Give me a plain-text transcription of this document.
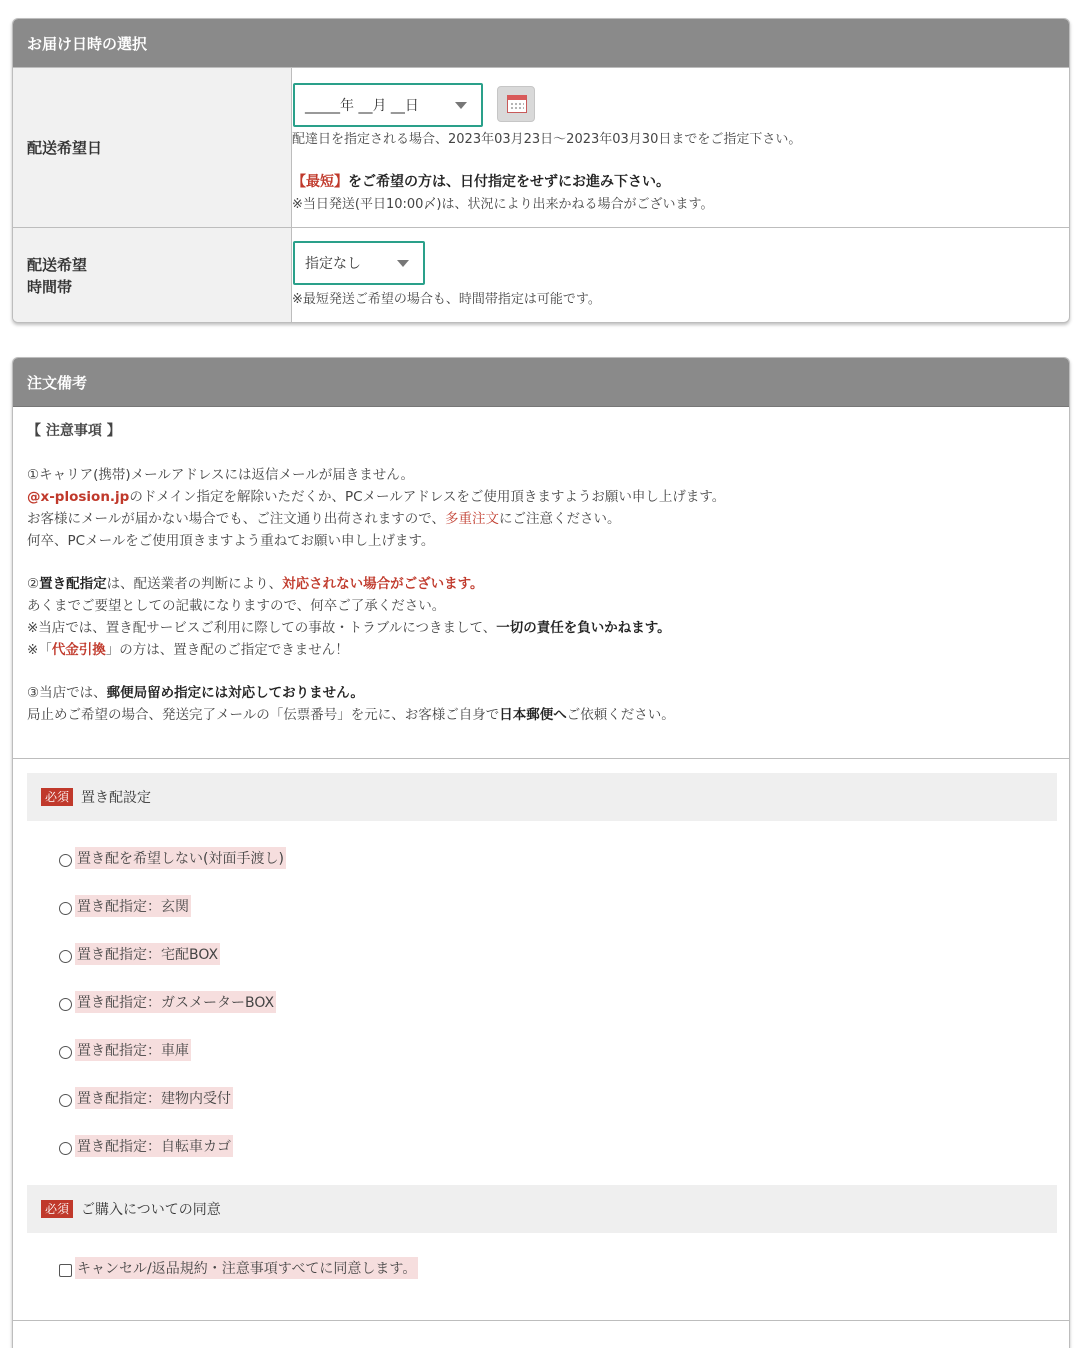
お届け日時の選択
配送希望日
_____年 __月 __日
配達日を指定される場合、2023年03月23日～2023年03月30日までをご指定下さい。
【最短】をご希望の方は、日付指定をせずにお進み下さい。
※当日発送(平日10:00〆)は、状況により出来かねる場合がございます。
配送希望
時間帯
指定なし
※最短発送ご希望の場合も、時間帯指定は可能です。
注文備考
【 注意事項 】
①キャリア(携帯)メールアドレスには返信メールが届きません。
@x-plosion.jpのドメイン指定を解除いただくか、PCメールアドレスをご使用頂きますようお願い申し上げます。
お客様にメールが届かない場合でも、ご注文通り出荷されますので、多重注文にご注意ください。
何卒、PCメールをご使用頂きますよう重ねてお願い申し上げます。
②置き配指定は、配送業者の判断により、対応されない場合がございます。
あくまでご要望としての記載になりますので、何卒ご了承ください。
※当店では、置き配サービスご利用に際しての事故・トラブルにつきまして、一切の責任を負いかねます。
※「代金引換」の方は、置き配のご指定できません！
③当店では、郵便局留め指定には対応しておりません。
局止めご希望の場合、発送完了メールの「伝票番号」を元に、お客様ご自身で日本郵便へご依頼ください。
必須 置き配設定
置き配を希望しない(対面手渡し)
置き配指定：玄関
置き配指定：宅配BOX
置き配指定：ガスメーターBOX
置き配指定：車庫
置き配指定：建物内受付
置き配指定：自転車カゴ
必須 ご購入についての同意
キャンセル/返品規約・注意事項すべてに同意します。
